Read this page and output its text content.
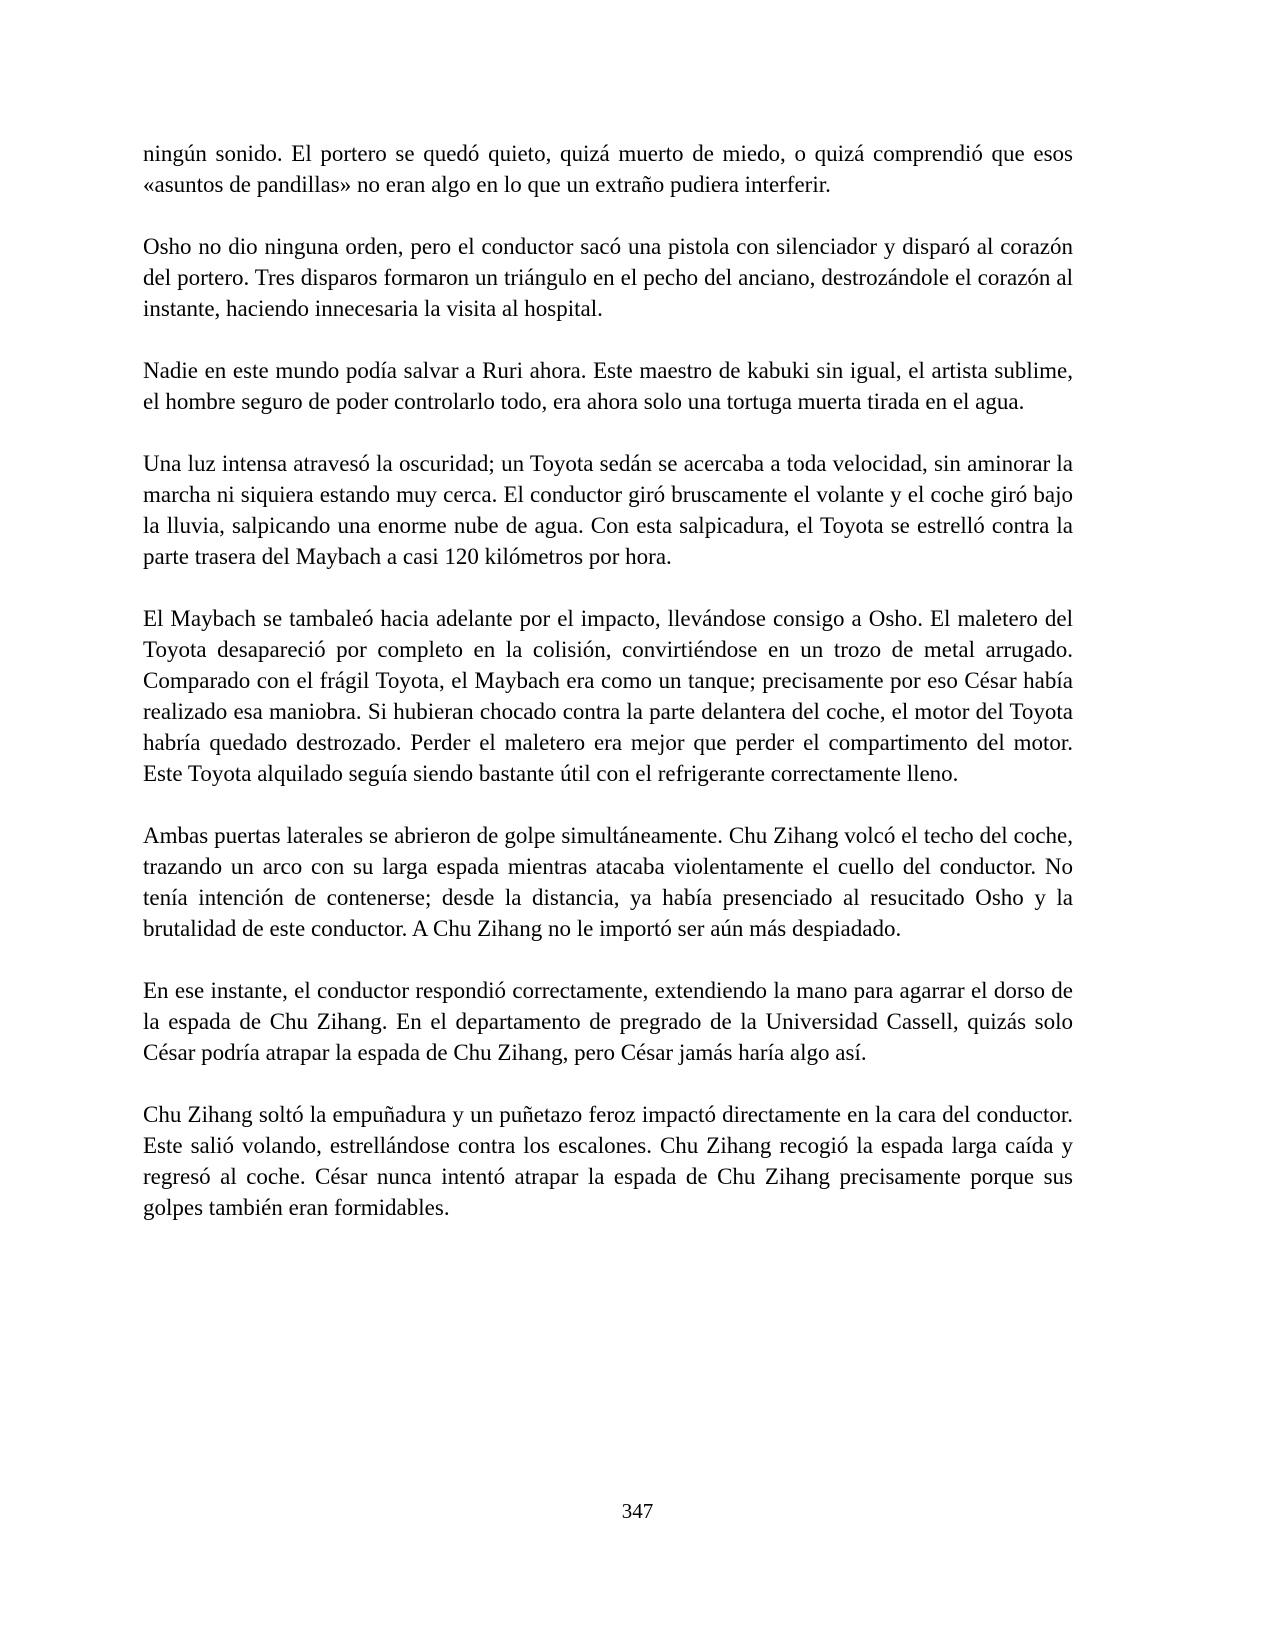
ningún sonido. El portero se quedó quieto, quizá muerto de miedo, o quizá comprendió que esos «asuntos de pandillas» no eran algo en lo que un extraño pudiera interferir.

Osho no dio ninguna orden, pero el conductor sacó una pistola con silenciador y disparó al corazón del portero. Tres disparos formaron un triángulo en el pecho del anciano, destrozándole el corazón al instante, haciendo innecesaria la visita al hospital.

Nadie en este mundo podía salvar a Ruri ahora. Este maestro de kabuki sin igual, el artista sublime, el hombre seguro de poder controlarlo todo, era ahora solo una tortuga muerta tirada en el agua.

Una luz intensa atravesó la oscuridad; un Toyota sedán se acercaba a toda velocidad, sin aminorar la marcha ni siquiera estando muy cerca. El conductor giró bruscamente el volante y el coche giró bajo la lluvia, salpicando una enorme nube de agua. Con esta salpicadura, el Toyota se estrelló contra la parte trasera del Maybach a casi 120 kilómetros por hora.

El Maybach se tambaleó hacia adelante por el impacto, llevándose consigo a Osho. El maletero del Toyota desapareció por completo en la colisión, convirtiéndose en un trozo de metal arrugado. Comparado con el frágil Toyota, el Maybach era como un tanque; precisamente por eso César había realizado esa maniobra. Si hubieran chocado contra la parte delantera del coche, el motor del Toyota habría quedado destrozado. Perder el maletero era mejor que perder el compartimento del motor. Este Toyota alquilado seguía siendo bastante útil con el refrigerante correctamente lleno.

Ambas puertas laterales se abrieron de golpe simultáneamente. Chu Zihang volcó el techo del coche, trazando un arco con su larga espada mientras atacaba violentamente el cuello del conductor. No tenía intención de contenerse; desde la distancia, ya había presenciado al resucitado Osho y la brutalidad de este conductor. A Chu Zihang no le importó ser aún más despiadado.

En ese instante, el conductor respondió correctamente, extendiendo la mano para agarrar el dorso de la espada de Chu Zihang. En el departamento de pregrado de la Universidad Cassell, quizás solo César podría atrapar la espada de Chu Zihang, pero César jamás haría algo así.

Chu Zihang soltó la empuñadura y un puñetazo feroz impactó directamente en la cara del conductor. Este salió volando, estrellándose contra los escalones. Chu Zihang recogió la espada larga caída y regresó al coche. César nunca intentó atrapar la espada de Chu Zihang precisamente porque sus golpes también eran formidables.

347
